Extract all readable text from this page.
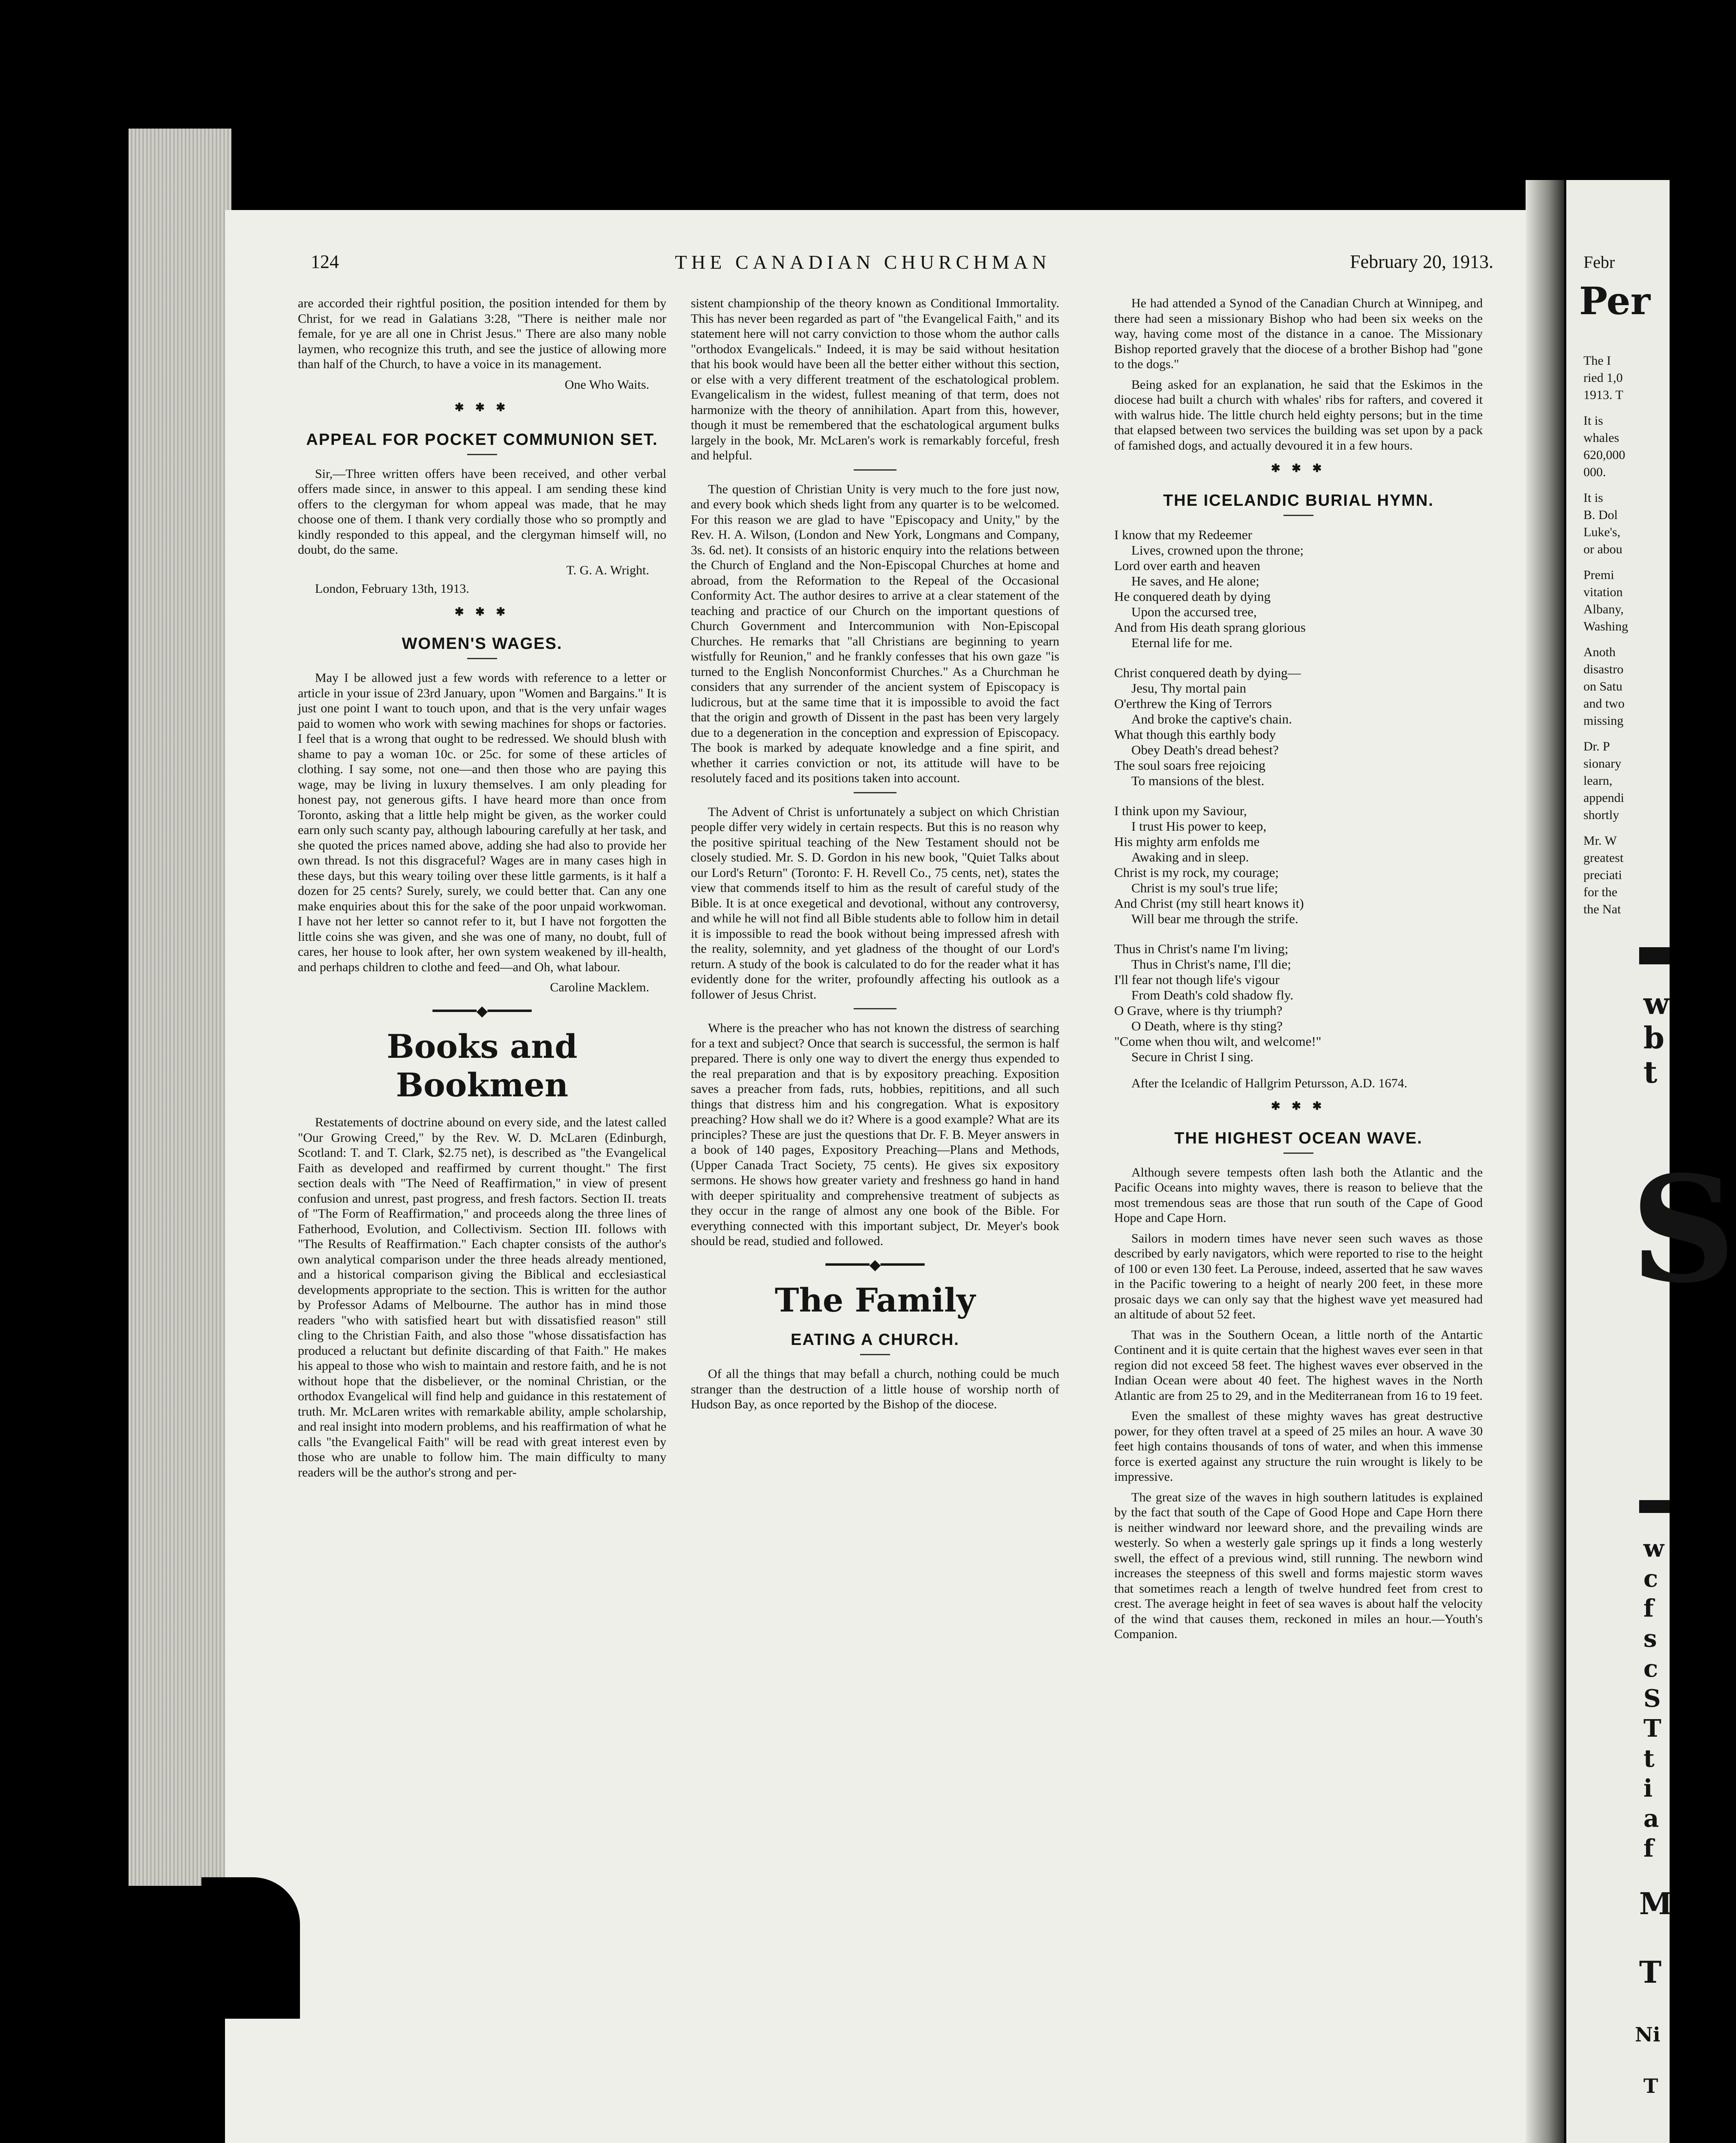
124	THE CANADIAN CHURCHMAN	February 20, 1913.

are accorded their rightful position, the position intended for them by Christ, for we read in Galatians 3:28, "There is neither male nor female, for ye are all one in Christ Jesus." There are also many noble laymen, who recognize this truth, and see the justice of allowing more than half of the Church, to have a voice in its management.

One Who Waits.
✱ ✱ ✱
APPEAL FOR POCKET COMMUNION SET.

Sir,—Three written offers have been received, and other verbal offers made since, in answer to this appeal. I am sending these kind offers to the clergyman for whom appeal was made, that he may choose one of them. I thank very cordially those who so promptly and kindly responded to this appeal, and the clergyman himself will, no doubt, do the same.

T. G. A. Wright.

London, February 13th, 1913.

✱ ✱ ✱
WOMEN'S WAGES.

May I be allowed just a few words with reference to a letter or article in your issue of 23rd January, upon "Women and Bargains." It is just one point I want to touch upon, and that is the very unfair wages paid to women who work with sewing machines for shops or factories. I feel that is a wrong that ought to be redressed. We should blush with shame to pay a woman 10c. or 25c. for some of these articles of clothing. I say some, not one—and then those who are paying this wage, may be living in luxury themselves. I am only pleading for honest pay, not generous gifts. I have heard more than once from Toronto, asking that a little help might be given, as the worker could earn only such scanty pay, although labouring carefully at her task, and she quoted the prices named above, adding she had also to provide her own thread. Is not this disgraceful? Wages are in many cases high in these days, but this weary toiling over these little garments, is it half a dozen for 25 cents? Surely, surely, we could better that. Can any one make enquiries about this for the sake of the poor unpaid workwoman. I have not her letter so cannot refer to it, but I have not forgotten the little coins she was given, and she was one of many, no doubt, full of cares, her house to look after, her own system weakened by ill-health, and perhaps children to clothe and feed—and Oh, what labour.

Caroline Macklem.
━━━━━◆━━━━━
Books and Bookmen

Restatements of doctrine abound on every side, and the latest called "Our Growing Creed," by the Rev. W. D. McLaren (Edinburgh, Scotland: T. and T. Clark, $2.75 net), is described as "the Evangelical Faith as developed and reaffirmed by current thought." The first section deals with "The Need of Reaffirmation," in view of present confusion and unrest, past progress, and fresh factors. Section II. treats of "The Form of Reaffirmation," and proceeds along the three lines of Fatherhood, Evolution, and Collectivism. Section III. follows with "The Results of Reaffirmation." Each chapter consists of the author's own analytical comparison under the three heads already mentioned, and a historical comparison giving the Biblical and ecclesiastical developments appropriate to the section. This is written for the author by Professor Adams of Melbourne. The author has in mind those readers "who with satisfied heart but with dissatisfied reason" still cling to the Christian Faith, and also those "whose dissatisfaction has produced a reluctant but definite discarding of that Faith." He makes his appeal to those who wish to maintain and restore faith, and he is not without hope that the disbeliever, or the nominal Christian, or the orthodox Evangelical will find help and guidance in this restatement of truth. Mr. McLaren writes with remarkable ability, ample scholarship, and real insight into modern problems, and his reaffirmation of what he calls "the Evangelical Faith" will be read with great interest even by those who are unable to follow him. The main difficulty to many readers will be the author's strong and per-

sistent championship of the theory known as Conditional Immortality. This has never been regarded as part of "the Evangelical Faith," and its statement here will not carry conviction to those whom the author calls "orthodox Evangelicals." Indeed, it is may be said without hesitation that his book would have been all the better either without this section, or else with a very different treatment of the eschatological problem. Evangelicalism in the widest, fullest meaning of that term, does not harmonize with the theory of annihilation. Apart from this, however, though it must be remembered that the eschatological argument bulks largely in the book, Mr. McLaren's work is remarkably forceful, fresh and helpful.

The question of Christian Unity is very much to the fore just now, and every book which sheds light from any quarter is to be welcomed. For this reason we are glad to have "Episcopacy and Unity," by the Rev. H. A. Wilson, (London and New York, Longmans and Company, 3s. 6d. net). It consists of an historic enquiry into the relations between the Church of England and the Non-Episcopal Churches at home and abroad, from the Reformation to the Repeal of the Occasional Conformity Act. The author desires to arrive at a clear statement of the teaching and practice of our Church on the important questions of Church Government and Intercommunion with Non-Episcopal Churches. He remarks that "all Christians are beginning to yearn wistfully for Reunion," and he frankly confesses that his own gaze "is turned to the English Nonconformist Churches." As a Churchman he considers that any surrender of the ancient system of Episcopacy is ludicrous, but at the same time that it is impossible to avoid the fact that the origin and growth of Dissent in the past has been very largely due to a degeneration in the conception and expression of Episcopacy. The book is marked by adequate knowledge and a fine spirit, and whether it carries conviction or not, its attitude will have to be resolutely faced and its positions taken into account.

The Advent of Christ is unfortunately a subject on which Christian people differ very widely in certain respects. But this is no reason why the positive spiritual teaching of the New Testament should not be closely studied. Mr. S. D. Gordon in his new book, "Quiet Talks about our Lord's Return" (Toronto: F. H. Revell Co., 75 cents, net), states the view that commends itself to him as the result of careful study of the Bible. It is at once exegetical and devotional, without any controversy, and while he will not find all Bible students able to follow him in detail it is impossible to read the book without being impressed afresh with the reality, solemnity, and yet gladness of the thought of our Lord's return. A study of the book is calculated to do for the reader what it has evidently done for the writer, profoundly affecting his outlook as a follower of Jesus Christ.

Where is the preacher who has not known the distress of searching for a text and subject? Once that search is successful, the sermon is half prepared. There is only one way to divert the energy thus expended to the real preparation and that is by expository preaching. Exposition saves a preacher from fads, ruts, hobbies, repititions, and all such things that distress him and his congregation. What is expository preaching? How shall we do it? Where is a good example? What are its principles? These are just the questions that Dr. F. B. Meyer answers in a book of 140 pages, Expository Preaching—Plans and Methods, (Upper Canada Tract Society, 75 cents). He gives six expository sermons. He shows how greater variety and freshness go hand in hand with deeper spirituality and comprehensive treatment of subjects as they occur in the range of almost any one book of the Bible. For everything connected with this important subject, Dr. Meyer's book should be read, studied and followed.

━━━━━◆━━━━━
The Family
EATING A CHURCH.

Of all the things that may befall a church, nothing could be much stranger than the destruction of a little house of worship north of Hudson Bay, as once reported by the Bishop of the diocese.

He had attended a Synod of the Canadian Church at Winnipeg, and there had seen a missionary Bishop who had been six weeks on the way, having come most of the distance in a canoe. The Missionary Bishop reported gravely that the diocese of a brother Bishop had "gone to the dogs."

Being asked for an explanation, he said that the Eskimos in the diocese had built a church with whales' ribs for rafters, and covered it with walrus hide. The little church held eighty persons; but in the time that elapsed between two services the building was set upon by a pack of famished dogs, and actually devoured it in a few hours.

✱ ✱ ✱
THE ICELANDIC BURIAL HYMN.
I know that my Redeemer
Lives, crowned upon the throne;
Lord over earth and heaven
He saves, and He alone;
He conquered death by dying
Upon the accursed tree,
And from His death sprang glorious
Eternal life for me.
Christ conquered death by dying—
Jesu, Thy mortal pain
O'erthrew the King of Terrors
And broke the captive's chain.
What though this earthly body
Obey Death's dread behest?
The soul soars free rejoicing
To mansions of the blest.
I think upon my Saviour,
I trust His power to keep,
His mighty arm enfolds me
Awaking and in sleep.
Christ is my rock, my courage;
Christ is my soul's true life;
And Christ (my still heart knows it)
Will bear me through the strife.
Thus in Christ's name I'm living;
Thus in Christ's name, I'll die;
I'll fear not though life's vigour
From Death's cold shadow fly.
O Grave, where is thy triumph?
O Death, where is thy sting?
"Come when thou wilt, and welcome!"
Secure in Christ I sing.

After the Icelandic of Hallgrim Petursson, A.D. 1674.

✱ ✱ ✱
THE HIGHEST OCEAN WAVE.

Although severe tempests often lash both the Atlantic and the Pacific Oceans into mighty waves, there is reason to believe that the most tremendous seas are those that run south of the Cape of Good Hope and Cape Horn.

Sailors in modern times have never seen such waves as those described by early navigators, which were reported to rise to the height of 100 or even 130 feet. La Perouse, indeed, asserted that he saw waves in the Pacific towering to a height of nearly 200 feet, in these more prosaic days we can only say that the highest wave yet measured had an altitude of about 52 feet.

That was in the Southern Ocean, a little north of the Antartic Continent and it is quite certain that the highest waves ever seen in that region did not exceed 58 feet. The highest waves ever observed in the Indian Ocean were about 40 feet. The highest waves in the North Atlantic are from 25 to 29, and in the Mediterranean from 16 to 19 feet.

Even the smallest of these mighty waves has great destructive power, for they often travel at a speed of 25 miles an hour. A wave 30 feet high contains thousands of tons of water, and when this immense force is exerted against any structure the ruin wrought is likely to be impressive.

The great size of the waves in high southern latitudes is explained by the fact that south of the Cape of Good Hope and Cape Horn there is neither windward nor leeward shore, and the prevailing winds are westerly. So when a westerly gale springs up it finds a long westerly swell, the effect of a previous wind, still running. The newborn wind increases the steepness of this swell and forms majestic storm waves that sometimes reach a length of twelve hundred feet from crest to crest. The average height in feet of sea waves is about half the velocity of the wind that causes them, reckoned in miles an hour.—Youth's Companion.

Febr
Per
The I
ried 1,0
1913. T
It is
whales
620,000
000.
It is
B. Dol
Luke's,
or abou
Premi
vitation
Albany,
Washing
Anoth
disastro
on Satu
and two
missing
Dr. P
sionary
learn,
appendi
shortly
Mr. W
greatest
preciati
for the
the Nat
w
b
t
S
w
c
f
s
c
S
T
t
i
a
f
M
T
Ni
T
